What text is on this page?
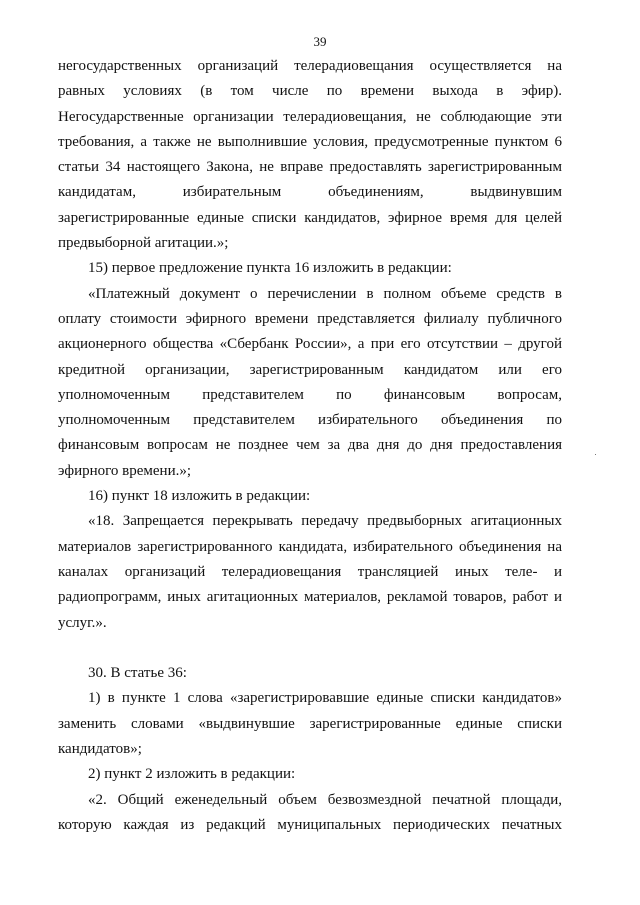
39
негосударственных организаций телерадиовещания осуществляется на
равных условиях (в том числе по времени выхода в эфир).
Негосударственные организации телерадиовещания, не соблюдающие эти
требования, а также не выполнившие условия, предусмотренные пунктом 6
статьи 34 настоящего Закона, не вправе предоставлять зарегистрированным
кандидатам, избирательным объединениям, выдвинувшим
зарегистрированные единые списки кандидатов, эфирное время для целей
предвыборной агитации.»;
15) первое предложение пункта 16 изложить в редакции:
«Платежный документ о перечислении в полном объеме средств в
оплату стоимости эфирного времени представляется филиалу публичного
акционерного общества «Сбербанк России», а при его отсутствии – другой
кредитной организации, зарегистрированным кандидатом или его
уполномоченным представителем по финансовым вопросам,
уполномоченным представителем избирательного объединения по
финансовым вопросам не позднее чем за два дня до дня предоставления
эфирного времени.»;
16) пункт 18 изложить в редакции:
«18. Запрещается перекрывать передачу предвыборных агитационных
материалов зарегистрированного кандидата, избирательного объединения на
каналах организаций телерадиовещания трансляцией иных теле- и
радиопрограмм, иных агитационных материалов, рекламой товаров, работ и
услуг.».
30. В статье 36:
1) в пункте 1 слова «зарегистрировавшие единые списки кандидатов»
заменить словами «выдвинувшие зарегистрированные единые списки
кандидатов»;
2) пункт 2 изложить в редакции:
«2. Общий еженедельный объем безвозмездной печатной площади,
которую каждая из редакций муниципальных периодических печатных
